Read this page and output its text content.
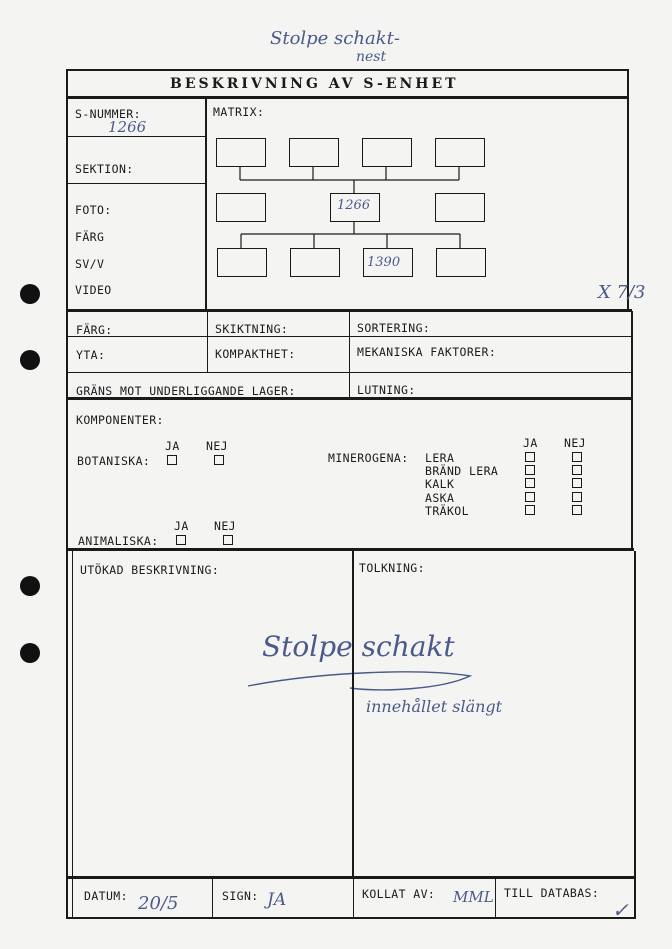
Stolpe schakt-
nest
BESKRIVNING AV S-ENHET
S-NUMMER:
1266
MATRIX:
SEKTION:
FOTO:
FÄRG
SV/V
VIDEO
1266
1390
X 7/3
FÄRG:	SKIKTNING:	SORTERING:
YTA:	KOMPAKTHET:	MEKANISKA FAKTORER:
GRÄNS MOT UNDERLIGGANDE LAGER:	LUTNING:
KOMPONENTER:
JA NEJ
BOTANISKA:
JA NEJ
ANIMALISKA:
JA NEJ
MINEROGENA: LERA
BRÄND LERA
KALK
ASKA
TRÄKOL
UTÖKAD BESKRIVNING:	TOLKNING:
Stolpe schakt
innehållet slängt
DATUM: 20/5	SIGN: JA	KOLLAT AV: MML TILL DATABAS:
✓
